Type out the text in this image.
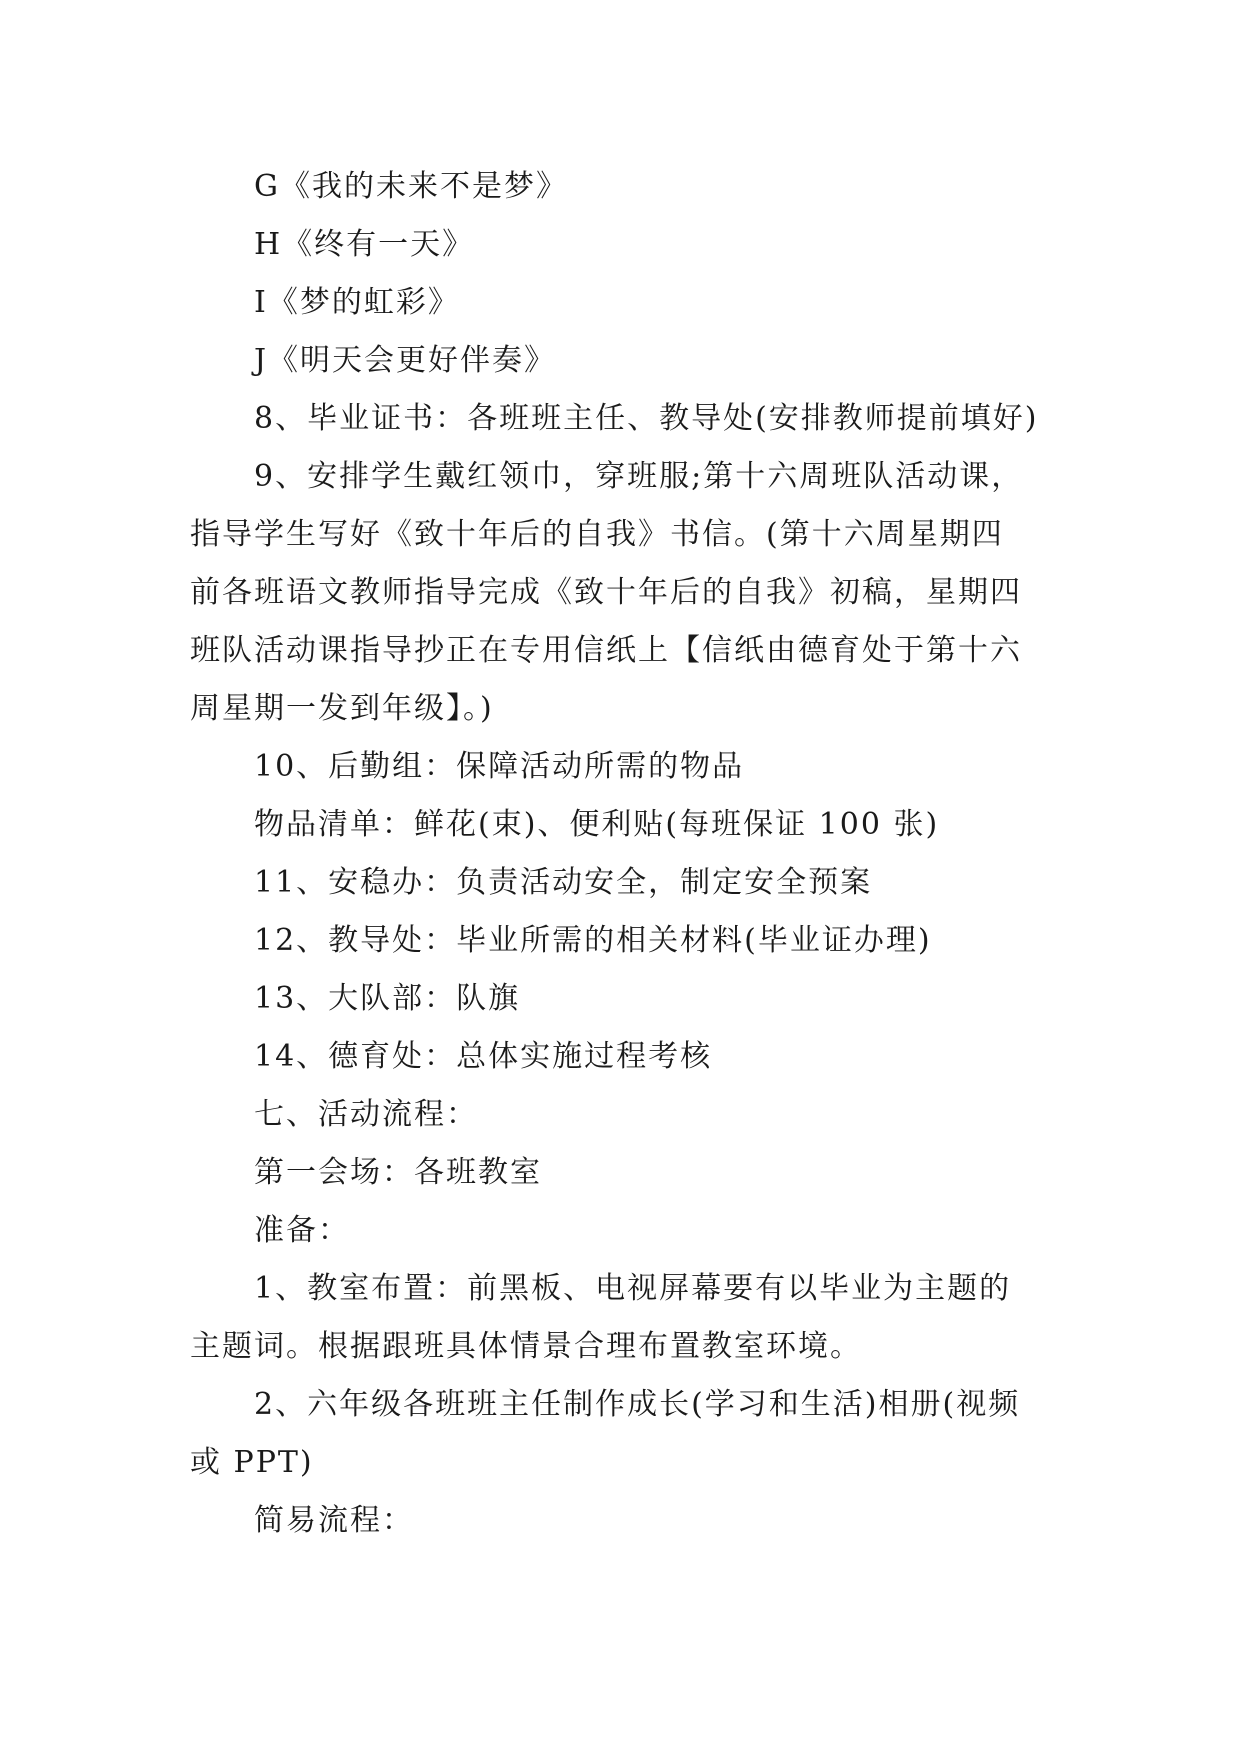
G《我的未来不是梦》

H《终有一天》

I《梦的虹彩》

J《明天会更好伴奏》

8、毕业证书：各班班主任、教导处(安排教师提前填好)

9、安排学生戴红领巾，穿班服;第十六周班队活动课，

指导学生写好《致十年后的自我》书信。(第十六周星期四

前各班语文教师指导完成《致十年后的自我》初稿，星期四

班队活动课指导抄正在专用信纸上【信纸由德育处于第十六

周星期一发到年级】。)

10、后勤组：保障活动所需的物品

物品清单：鲜花(束)、便利贴(每班保证 100 张)

11、安稳办：负责活动安全，制定安全预案

12、教导处：毕业所需的相关材料(毕业证办理)

13、大队部：队旗

14、德育处：总体实施过程考核

七、活动流程：

第一会场：各班教室

准备：

1、教室布置：前黑板、电视屏幕要有以毕业为主题的

主题词。根据跟班具体情景合理布置教室环境。

2、六年级各班班主任制作成长(学习和生活)相册(视频

或 PPT)

简易流程：
